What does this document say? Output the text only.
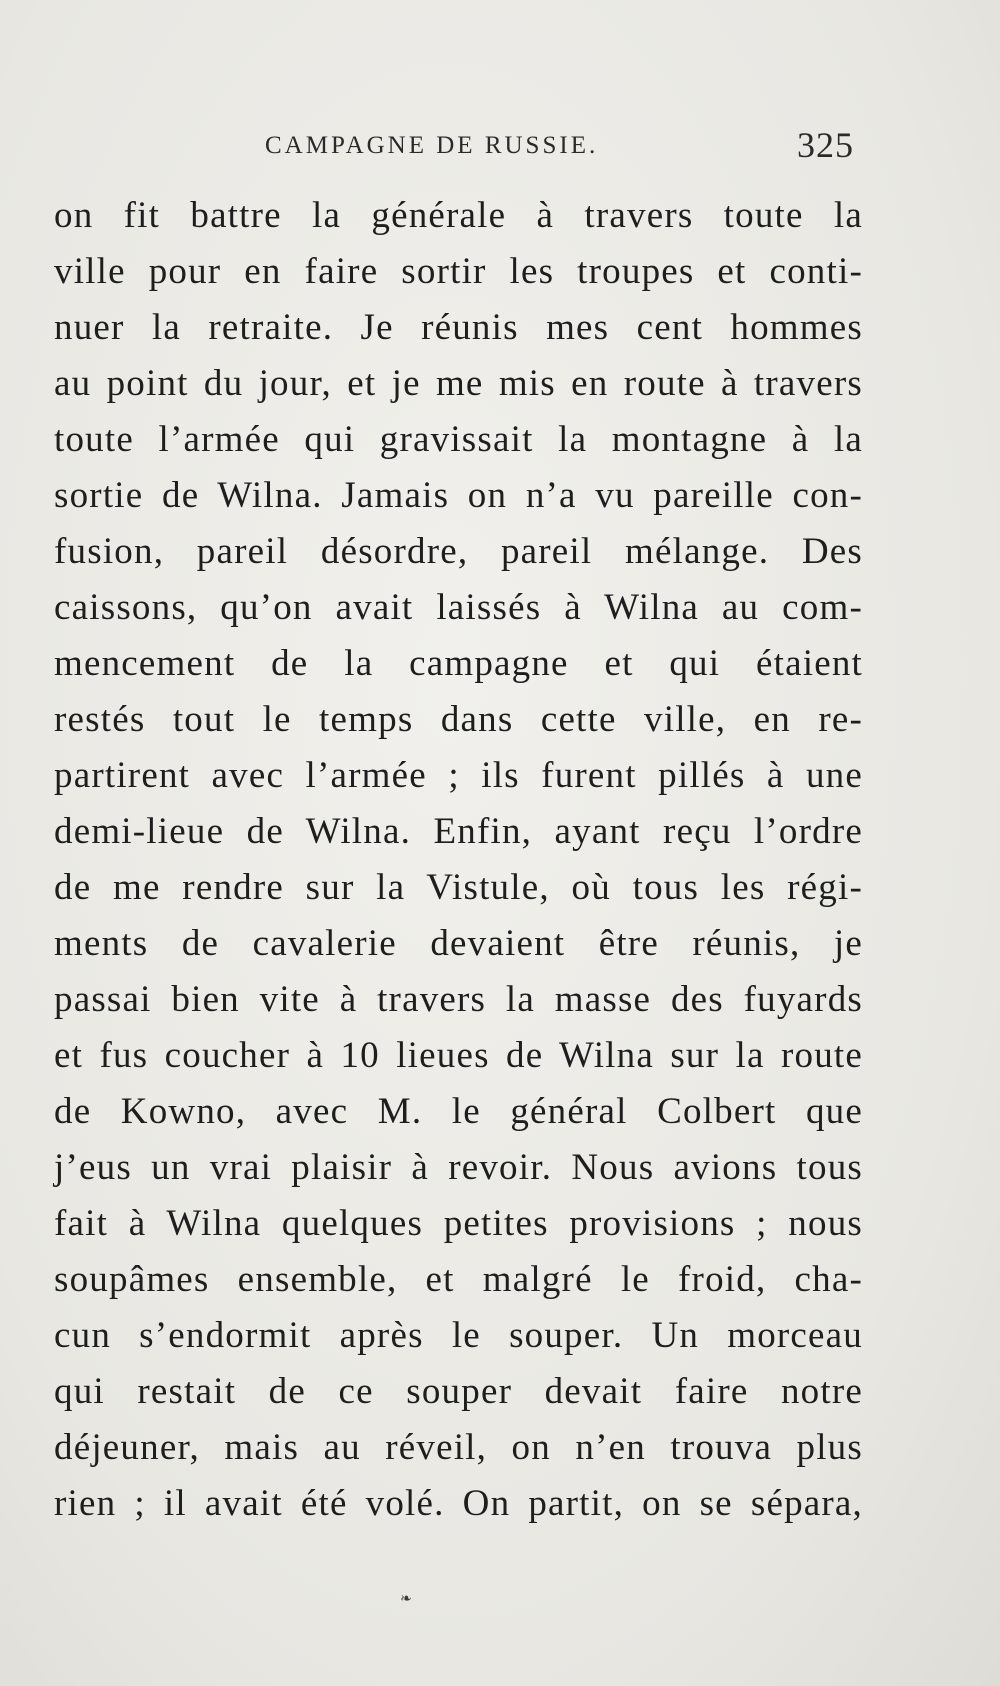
CAMPAGNE DE RUSSIE.	325
on fit battre la générale à travers toute la
ville pour en faire sortir les troupes et conti-
nuer la retraite. Je réunis mes cent hommes
au point du jour, et je me mis en route à travers
toute l’armée qui gravissait la montagne à la
sortie de Wilna. Jamais on n’a vu pareille con-
fusion, pareil désordre, pareil mélange. Des
caissons, qu’on avait laissés à Wilna au com-
mencement de la campagne et qui étaient
restés tout le temps dans cette ville, en re-
partirent avec l’armée ; ils furent pillés à une
demi-lieue de Wilna. Enfin, ayant reçu l’ordre
de me rendre sur la Vistule, où tous les régi-
ments de cavalerie devaient être réunis, je
passai bien vite à travers la masse des fuyards
et fus coucher à 10 lieues de Wilna sur la route
de Kowno, avec M. le général Colbert que
j’eus un vrai plaisir à revoir. Nous avions tous
fait à Wilna quelques petites provisions ; nous
soupâmes ensemble, et malgré le froid, cha-
cun s’endormit après le souper. Un morceau
qui restait de ce souper devait faire notre
déjeuner, mais au réveil, on n’en trouva plus
rien ; il avait été volé. On partit, on se sépara,
❧
